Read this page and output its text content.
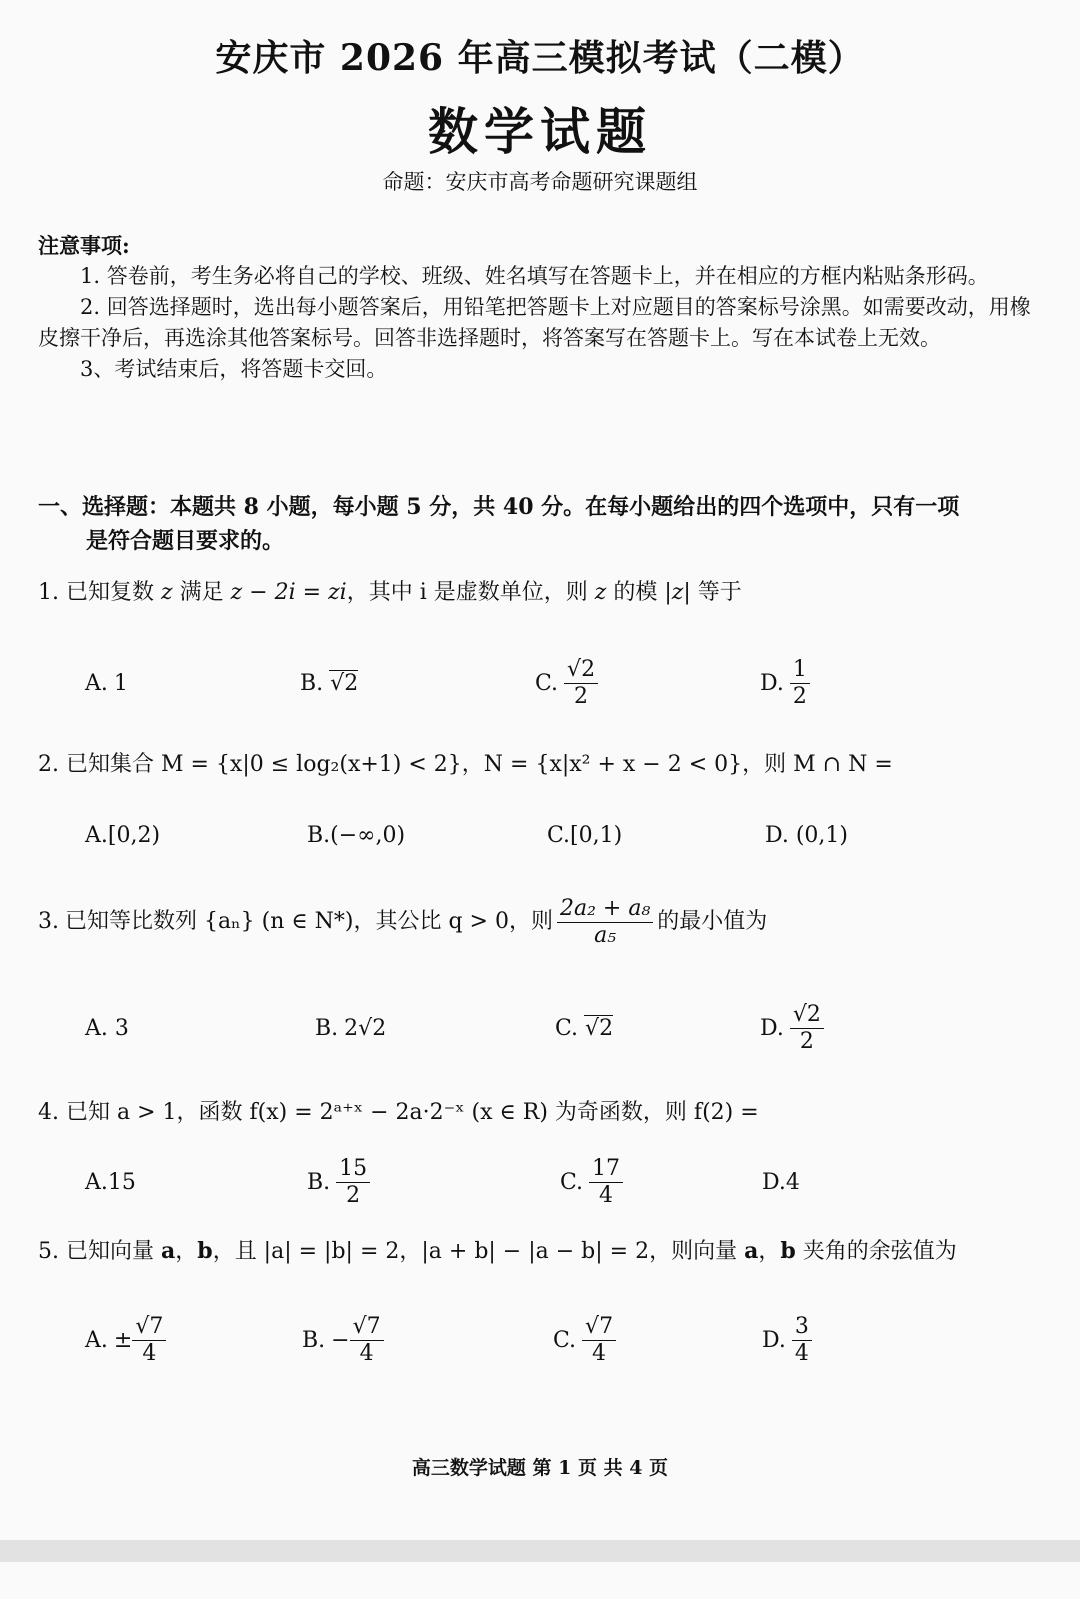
安庆市 2026 年高三模拟考试（二模）
数学试题
命题：安庆市高考命题研究课题组
注意事项:

1. 答卷前，考生务必将自己的学校、班级、姓名填写在答题卡上，并在相应的方框内粘贴条形码。

2. 回答选择题时，选出每小题答案后，用铅笔把答题卡上对应题目的答案标号涂黑。如需要改动，用橡皮擦干净后，再选涂其他答案标号。回答非选择题时，将答案写在答题卡上。写在本试卷上无效。

3、考试结束后，将答题卡交回。

一、选择题：本题共 8 小题，每小题 5 分，共 40 分。在每小题给出的四个选项中，只有一项
是符合题目要求的。
1. 已知复数 z 满足 z − 2i = zi，其中 i 是虚数单位，则 z 的模 |z| 等于
A. 1	B. √2	C. $\frac{√2}{2}$	D. $\frac{1}{2}$
2. 已知集合 M = {x|0 ≤ log₂(x+1) < 2}，N = {x|x² + x − 2 < 0}，则 M ∩ N =
A.[0,2)	B.(−∞,0)	C.[0,1)	D. (0,1)
3. 已知等比数列 {aₙ} (n ∈ N*)，其公比 q > 0，则 $\frac{\text{2a₂ + a₈}}{\text{a₅}}$ 的最小值为
A. 3	B. 2√2	C. √2	D. $\frac{√2}{2}$
4. 已知 a > 1，函数 f(x) = 2ᵃ⁺ˣ − 2a·2⁻ˣ (x ∈ R) 为奇函数，则 f(2) =
A.15	B. $\frac{15}{2}$	C. $\frac{17}{4}$	D.4
5. 已知向量 a，b，且 |a| = |b| = 2，|a + b| − |a − b| = 2，则向量 a，b 夹角的余弦值为
A. ± $\frac{√7}{4}$	B. − $\frac{√7}{4}$	C. $\frac{√7}{4}$	D. $\frac{3}{4}$
高三数学试题 第 1 页 共 4 页
